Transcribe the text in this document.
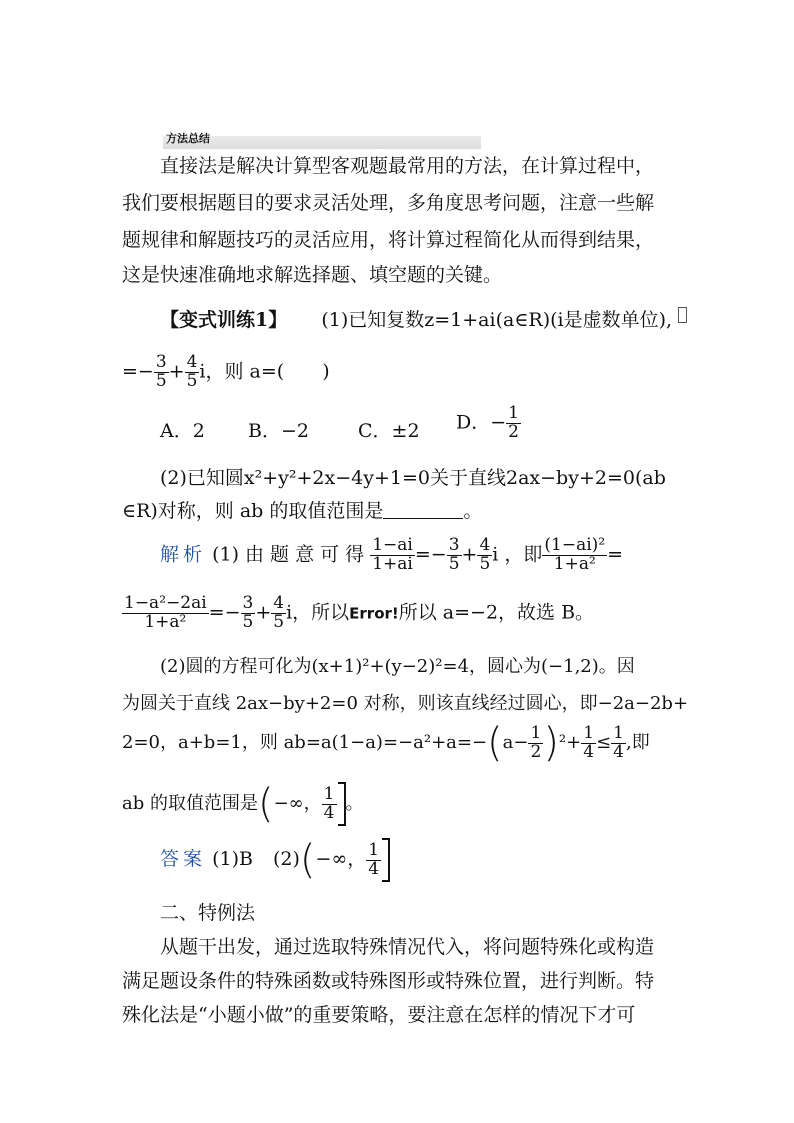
方法总结
直接法是解决计算型客观题最常用的方法，在计算过程中，
我们要根据题目的要求灵活处理，多角度思考问题，注意一些解
题规律和解题技巧的灵活应用，将计算过程简化从而得到结果，
这是快速准确地求解选择题、填空题的关键。
【变式训练1】 (1)已知复数z=1+ai(a∈R)(i是虚数单位),
=− $\frac{3}{5} + \frac{4}{5}$ i，则 a=(　　)
A．2 B．−2	C．±2 D．− $\frac{1}{2}$
(2)已知圆x²+y²+2x−4y+1=0关于直线2ax−by+2=0(ab
∈R)对称，则 ab 的取值范围是	。
解析 (1) 由 题 意 可 得 $\frac{1-ai}{1+ai} =- \frac{3}{5} + \frac{4}{5}$ i ，即 $\frac{\text{(1−ai)²}}{\text{1+a²}}$ =
$\frac{\text{1−a²−2ai}}{\text{1+a²}} =- \frac{3}{5} + \frac{4}{5}$ i，所以Error!所以 a=−2，故选 B。
(2)圆的方程可化为(x+1)²+(y−2)²=4，圆心为(−1,2)。因
为圆关于直线 2ax−by+2=0 对称，则该直线经过圆心，即−2a−2b+
2=0，a+b=1，则 $ab=a(1-a)=-a^2+a=-(a- \frac{1}{2} )^2+ \frac{1}{4} \le \frac{1}{4}$ ,即
ab 的取值范围是(−∞， $\frac{1}{4}$ 。
答案 (1)B (2)(−∞， $\frac{1}{4}$
二、特例法
从题干出发，通过选取特殊情况代入，将问题特殊化或构造
满足题设条件的特殊函数或特殊图形或特殊位置，进行判断。特
殊化法是“小题小做”的重要策略，要注意在怎样的情况下才可
